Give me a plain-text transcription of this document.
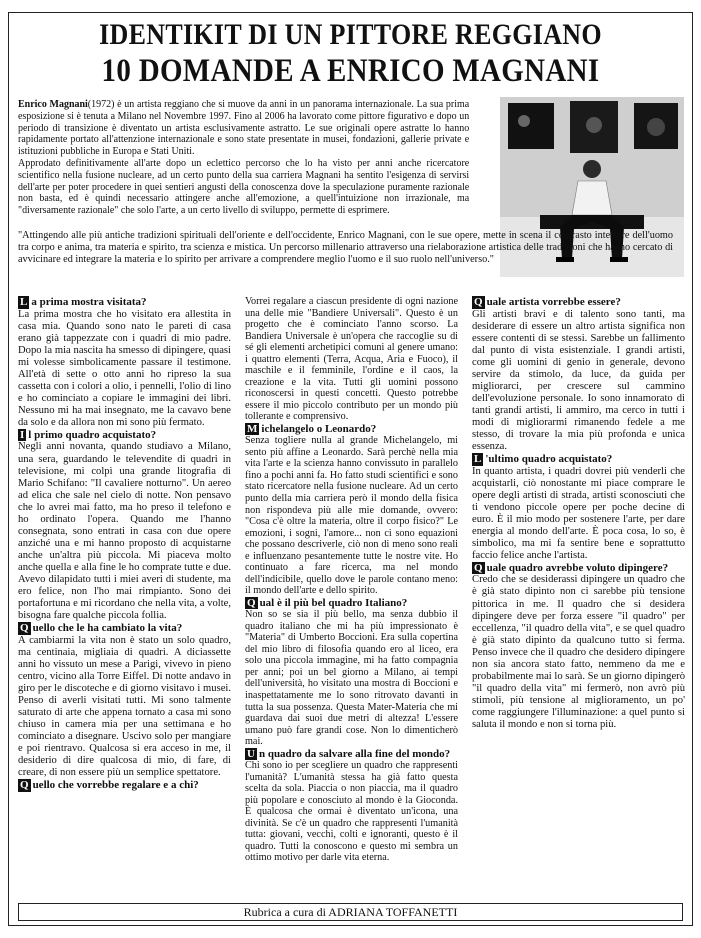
IDENTIKIT DI UN PITTORE REGGIANO
10 DOMANDE A ENRICO MAGNANI

Enrico Magnani(1972) è un artista reggiano che si muove da anni in un panorama internazionale. La sua prima esposizione si è tenuta a Milano nel Novembre 1997. Fino al 2006 ha lavorato come pittore figurativo e dopo un periodo di transizione è diventato un artista esclusivamente astratto. Le sue originali opere astratte lo hanno rapidamente portato all'attenzione internazionale e sono state presentate in musei, fondazioni, gallerie private e istituzioni pubbliche in Europa e Stati Uniti.

Approdato definitivamente all'arte dopo un eclettico percorso che lo ha visto per anni anche ricercatore scientifico nella fusione nucleare, ad un certo punto della sua carriera Magnani ha sentito l'esigenza di servirsi dell'arte per poter procedere in quei sentieri angusti della conoscenza dove la speculazione puramente razionale non basta, ed è quindi necessario attingere anche all'emozione, a quell'intuizione non irrazionale, ma "diversamente razionale" che solo l'arte, a un certo livello di sviluppo, permette di esprimere.

"Attingendo alle più antiche tradizioni spirituali dell'oriente e dell'occidente, Enrico Magnani, con le sue opere, mette in scena il contrasto interiore dell'uomo tra corpo e anima, tra materia e spirito, tra scienza e mistica. Un percorso millenario attraverso una rielaborazione artistica delle tradizioni che hanno cercato di avvicinare ed integrare la materia e lo spirito per arrivare a comprendere meglio l'uomo e il suo ruolo nell'universo."

L a prima mostra visitata?

La prima mostra che ho visitato era allestita in casa mia. Quando sono nato le pareti di casa erano già tappezzate con i quadri di mio padre. Dopo la mia nascita ha smesso di dipingere, quasi mi volesse simbolicamente passare il testimone. All'età di sette o otto anni ho ripreso la sua cassetta con i colori a olio, i pennelli, l'olio di lino e ho cominciato a copiare le immagini dei libri. Nessuno mi ha mai insegnato, me la cavavo bene da solo e da allora non mi sono più fermato.

I l primo quadro acquistato?

Negli anni novanta, quando studiavo a Milano, una sera, guardando le televendite di quadri in televisione, mi colpì una grande litografia di Mario Schifano: "Il cavaliere notturno". Un aereo ad elica che sale nel cielo di notte. Non pensavo che lo avrei mai fatto, ma ho preso il telefono e ho ordinato l'opera. Quando me l'hanno consegnata, sono entrati in casa con due opere anziché una e mi hanno proposto di acquistarne anche un'altra più piccola. Mi piaceva molto anche quella e alla fine le ho comprate tutte e due. Avevo dilapidato tutti i miei averi di studente, ma ero felice, non l'ho mai rimpianto. Sono dei portafortuna e mi ricordano che nella vita, a volte, bisogna fare qualche piccola follia.

Q uello che le ha cambiato la vita?

A cambiarmi la vita non è stato un solo quadro, ma centinaia, migliaia di quadri. A diciassette anni ho vissuto un mese a Parigi, vivevo in pieno centro, vicino alla Torre Eiffel. Di notte andavo in giro per le discoteche e di giorno visitavo i musei. Penso di averli visitati tutti. Mi sono talmente saturato di arte che appena tornato a casa mi sono chiuso in camera mia per una settimana e ho cominciato a disegnare. Uscivo solo per mangiare e poi rientravo. Qualcosa si era acceso in me, il desiderio di dire qualcosa di mio, di fare, di creare, di non essere più un semplice spettatore.

Q uello che vorrebbe regalare e a chi?

Vorrei regalare a ciascun presidente di ogni nazione una delle mie "Bandiere Universali". Questo è un progetto che è cominciato l'anno scorso. La Bandiera Universale è un'opera che raccoglie su di sé gli elementi archetipici comuni al genere umano: i quattro elementi (Terra, Acqua, Aria e Fuoco), il maschile e il femminile, l'ordine e il caos, la creazione e la vita. Tutti gli uomini possono riconoscersi in questi concetti. Questo potrebbe essere il mio piccolo contributo per un mondo più tollerante e comprensivo.

M ichelangelo o Leonardo?

Senza togliere nulla al grande Michelangelo, mi sento più affine a Leonardo. Sarà perchè nella mia vita l'arte e la scienza hanno convissuto in parallelo fino a pochi anni fa. Ho fatto studi scientifici e sono stato ricercatore nella fusione nucleare. Ad un certo punto della mia carriera però il mondo della fisica non rispondeva più alle mie domande, ovvero: "Cosa c'è oltre la materia, oltre il corpo fisico?" Le emozioni, i sogni, l'amore... non ci sono equazioni che possano descriverle, ciò non di meno sono reali e influenzano pesantemente tutte le nostre vite. Ho continuato a fare ricerca, ma nel mondo dell'indicibile, quello dove le parole contano meno: il mondo dell'arte e dello spirito.

Q ual è il più bel quadro Italiano?

Non so se sia il più bello, ma senza dubbio il quadro italiano che mi ha più impressionato è "Materia" di Umberto Boccioni. Era sulla copertina del mio libro di filosofia quando ero al liceo, era solo una piccola immagine, mi ha fatto compagnia per anni; poi un bel giorno a Milano, ai tempi dell'università, ho visitato una mostra di Boccioni e inaspettatamente me lo sono ritrovato davanti in tutta la sua possenza. Questa Mater-Materia che mi guardava dai suoi due metri di altezza! L'essere umano può fare grandi cose. Non lo dimenticherò mai.

U n quadro da salvare alla fine del mondo?

Chi sono io per scegliere un quadro che rappresenti l'umanità? L'umanità stessa ha già fatto questa scelta da sola. Piaccia o non piaccia, ma il quadro più popolare e conosciuto al mondo è la Gioconda. È qualcosa che ormai è diventato un'icona, una divinità. Se c'è un quadro che rappresenti l'umanità tutta: giovani, vecchi, colti e ignoranti, questo è il quadro. Tutti la conoscono e questo mi sembra un ottimo motivo per darle vita eterna.

Q uale artista vorrebbe essere?

Gli artisti bravi e di talento sono tanti, ma desiderare di essere un altro artista significa non essere contenti di se stessi. Sarebbe un fallimento dal punto di vista esistenziale. I grandi artisti, come gli uomini di genio in generale, devono servire da stimolo, da luce, da guida per migliorarci, per crescere sul cammino dell'evoluzione personale. Io sono innamorato di tanti grandi artisti, li ammiro, ma cerco in tutti i modi di migliorarmi rimanendo fedele a me stesso, di trovare la mia più profonda e unica essenza.

L 'ultimo quadro acquistato?

In quanto artista, i quadri dovrei più venderli che acquistarli, ciò nonostante mi piace comprare le opere degli artisti di strada, artisti sconosciuti che ti vendono piccole opere per poche decine di euro. È il mio modo per sostenere l'arte, per dare energia al mondo dell'arte. È poca cosa, lo so, è simbolico, ma mi fa sentire bene e soprattutto faccio felice anche l'artista.

Q uale quadro avrebbe voluto dipingere?

Credo che se desiderassi dipingere un quadro che è già stato dipinto non ci sarebbe più tensione pittorica in me. Il quadro che si desidera dipingere deve per forza essere "il quadro" per eccellenza, "il quadro della vita", e se quel quadro è già stato dipinto da qualcuno tutto si ferma. Penso invece che il quadro che desidero dipingere non sia ancora stato fatto, nemmeno da me e probabilmente mai lo sarà. Se un giorno dipingerò "il quadro della vita" mi fermerò, non avrò più stimoli, più tensione al miglioramento, un po' come raggiungere l'illuminazione: a quel punto si saluta il mondo e non si torna più.

Rubrica a cura di ADRIANA TOFFANETTI
